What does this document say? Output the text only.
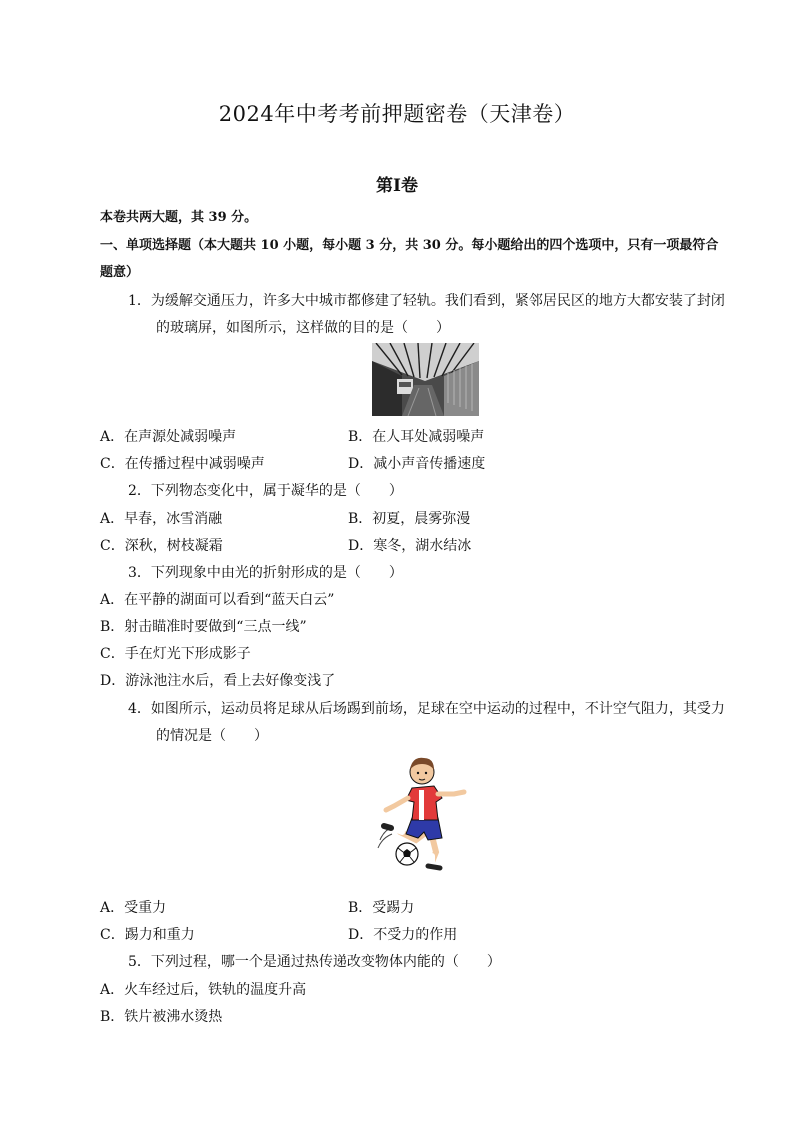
2024年中考考前押题密卷（天津卷）
第Ⅰ卷
本卷共两大题，其 39 分。
一、单项选择题（本大题共 10 小题，每小题 3 分，共 30 分。每小题给出的四个选项中，只有一项最符合
题意）
1．为缓解交通压力，许多大中城市都修建了轻轨。我们看到，紧邻居民区的地方大都安装了封闭
的玻璃屏，如图所示，这样做的目的是（　　）
A．在声源处减弱噪声	B．在人耳处减弱噪声
C．在传播过程中减弱噪声	D．减小声音传播速度
2．下列物态变化中，属于凝华的是（　　）
A．早春，冰雪消融	B．初夏，晨雾弥漫
C．深秋，树枝凝霜	D．寒冬，湖水结冰
3．下列现象中由光的折射形成的是（　　）
A．在平静的湖面可以看到“蓝天白云”
B．射击瞄准时要做到“三点一线”
C．手在灯光下形成影子
D．游泳池注水后，看上去好像变浅了
4．如图所示，运动员将足球从后场踢到前场，足球在空中运动的过程中，不计空气阻力，其受力
的情况是（　　）
A．受重力	B．受踢力
C．踢力和重力	D．不受力的作用
5．下列过程，哪一个是通过热传递改变物体内能的（　　）
A．火车经过后，铁轨的温度升高
B．铁片被沸水烫热
